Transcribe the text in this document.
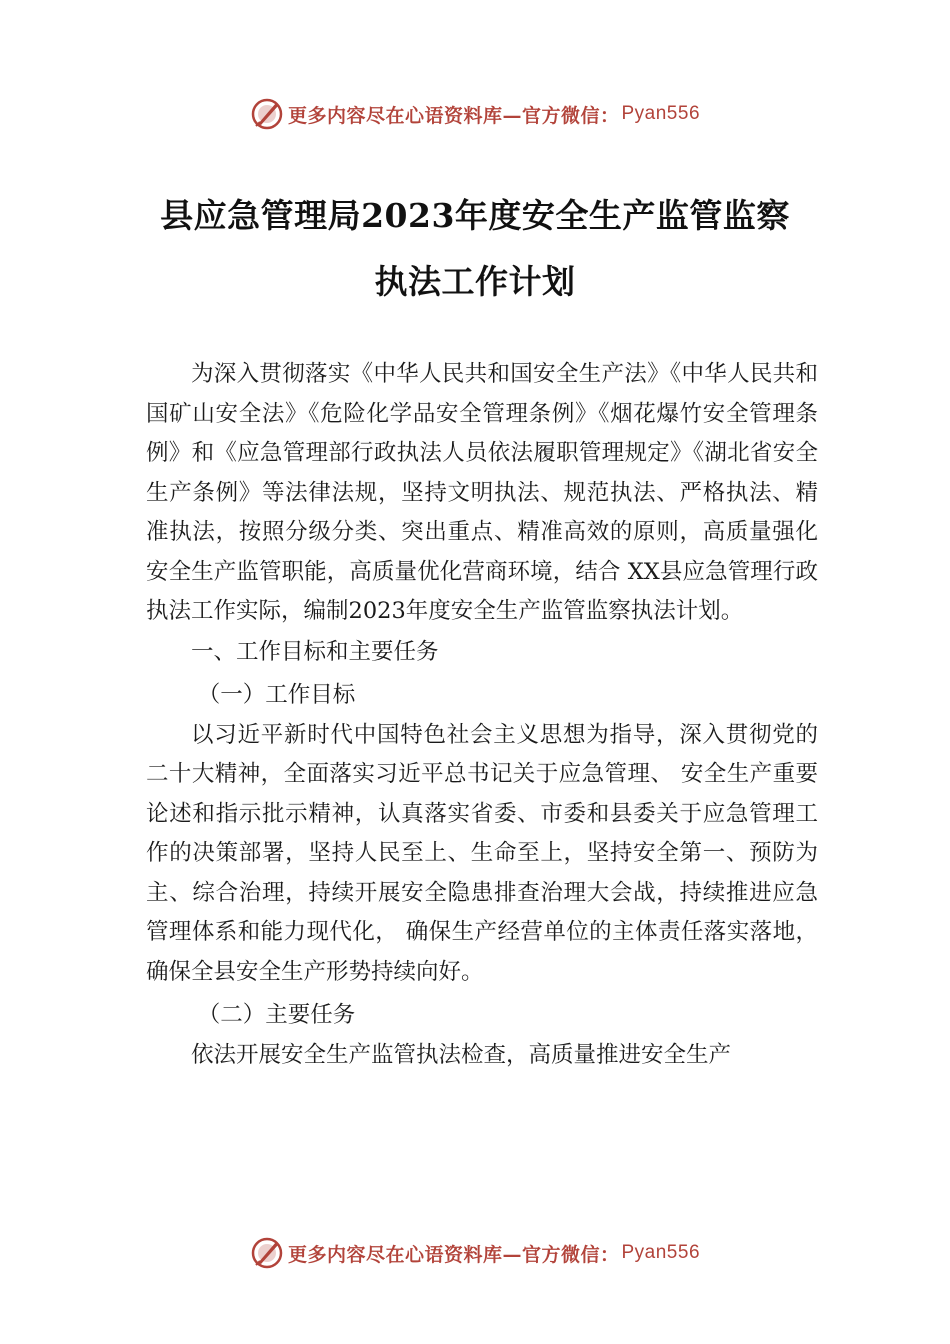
更多内容尽在心语资料库—官方微信： Pyan556
县应急管理局2023年度安全生产监管监察
执法工作计划

为深入贯彻落实《中华人民共和国安全生产法》《中华人民共和国矿山安全法》《危险化学品安全管理条例》《烟花爆竹安全管理条例》和《应急管理部行政执法人员依法履职管理规定》《湖北省安全生产条例》等法律法规，坚持文明执法、规范执法、严格执法、精准执法，按照分级分类、突出重点、精准高效的原则，高质量强化安全生产监管职能，高质量优化营商环境，结合 XX县应急管理行政执法工作实际，编制2023年度安全生产监管监察执法计划。

一、工作目标和主要任务

（一）工作目标

以习近平新时代中国特色社会主义思想为指导，深入贯彻党的二十大精神，全面落实习近平总书记关于应急管理、 安全生产重要论述和指示批示精神，认真落实省委、市委和县委关于应急管理工作的决策部署，坚持人民至上、生命至上，坚持安全第一、预防为主、综合治理，持续开展安全隐患排查治理大会战，持续推进应急管理体系和能力现代化， 确保生产经营单位的主体责任落实落地，确保全县安全生产形势持续向好。

（二）主要任务

依法开展安全生产监管执法检查，高质量推进安全生产

更多内容尽在心语资料库—官方微信： Pyan556
